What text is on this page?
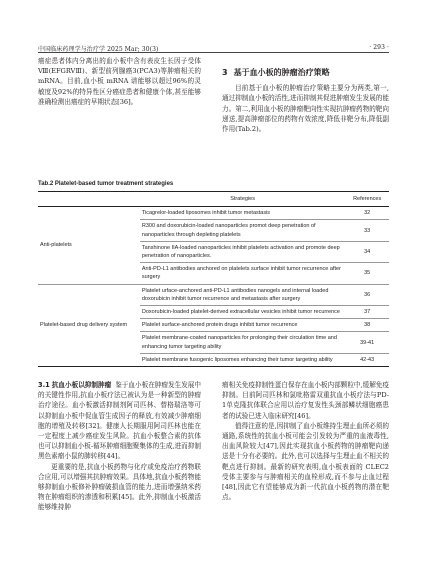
中国临床药理学与治疗学 2025 Mar; 30(3)	· 293 ·

癌症患者体内分离出的血小板中含有表皮生长因子受体Ⅷ(EFGRVⅢ)、新型前列腺癌3(PCA3)等肿瘤相关的 mRNA。目前,血小板 mRNA 谱能够以超过96%的灵敏度及92%的特异性区分癌症患者和健康个体,甚至能够准确检测出癌症的早期状态[36]。

3 基于血小板的肿瘤治疗策略

目前基于血小板的肿瘤治疗策略主要分为两类,第一,通过抑制血小板的活性,进而抑制其促进肿瘤发生发展的能力。第二,利用血小板的肿瘤靶向性实现抗肿瘤药物的靶向递送,提高肿瘤部位的药物有效浓度,降低非靶分布,降低副作用(Tab.2)。

Tab.2 Platelet-based tumor treatment strategies
	Strategies	References
Anti-platelets	Ticagrelor-loaded liposomes inhibit tumor metastasis	32
	R300 and doxorubicin-loaded nanoparticles promot deep penetration of nanoparticles through depleting platelets	33
	Tanshinone IIA-loaded nanoparticles inhibit platelets activation and promote deep penetration of nanoparticles.	34
	Anti-PD-L1 antibodies anchored on platelets surface inhibit tumor recurrence after surgery	35
Platelet-based drug delivery system	Platelet urface-anchored anti-PD-L1 antibodies nanogels and internal loaded doxorubicin inhibit tumor recurrence and metastasis after surgery	36
	Doxorubicin-loaded platelet-derived extracellular vesicles inhibit tumor recurrence	37
	Platelet surface-anchored protein drugs inhibit tumor recurrence	38
	Platelet membrane-coated nanoparticles for prolonging their circulation time and enhancing tumor targeting ability	39-41
	Platelet membrane fusogenic liposomes enhancing their tumor targeting ability	42-43

3.1 抗血小板以抑制肿瘤 鉴于血小板在肿瘤发生发展中的关键性作用,抗血小板疗法已被认为是一种新型的肿瘤治疗途径。血小板激活抑制剂阿司匹林、替格瑞洛等可以抑制血小板中促血管生成因子的释放,有效减少肿瘤细胞的增殖及转移[32]。健康人长期服用阿司匹林也能在一定程度上减少癌症发生风险。抗血小板整合素的抗体也可以抑制血小板-循环肿瘤细胞聚集体的生成,进而抑制黑色素瘤小鼠的肺转移[44]。

更重要的是,抗血小板药物与化疗或免疫治疗药物联合应用,可以增强其抗肿瘤效果。具体地,抗血小板药物能够抑制血小板修补肿瘤破损血管的能力,进而增强纳米药物在肿瘤组织的渗透和积累[45]。此外,抑制血小板激活能够维持肿

瘤相关免疫抑制性蛋白保存在血小板内部颗粒中,缓解免疫抑制。目前阿司匹林和氯吡格雷双重抗血小板疗法与PD-1单克隆抗体联合应用以治疗复发性头颈部鳞状细胞癌患者的试验已进入临床研究[46]。

值得注意的是,因抑制了血小板维持生理止血所必须的通路,系统性的抗血小板可能会引发较为严重的血液毒性,出血风险较大[47],因此实现抗血小板药物的肿瘤靶向递送是十分有必要的。此外,也可以选择与生理止血不相关的靶点进行抑制。最新的研究表明,血小板表面的 CLEC2 受体主要参与与肿瘤相关的血栓形成,而不参与止血过程[48],因此它有望能够成为新一代抗血小板药物的潜在靶点。
